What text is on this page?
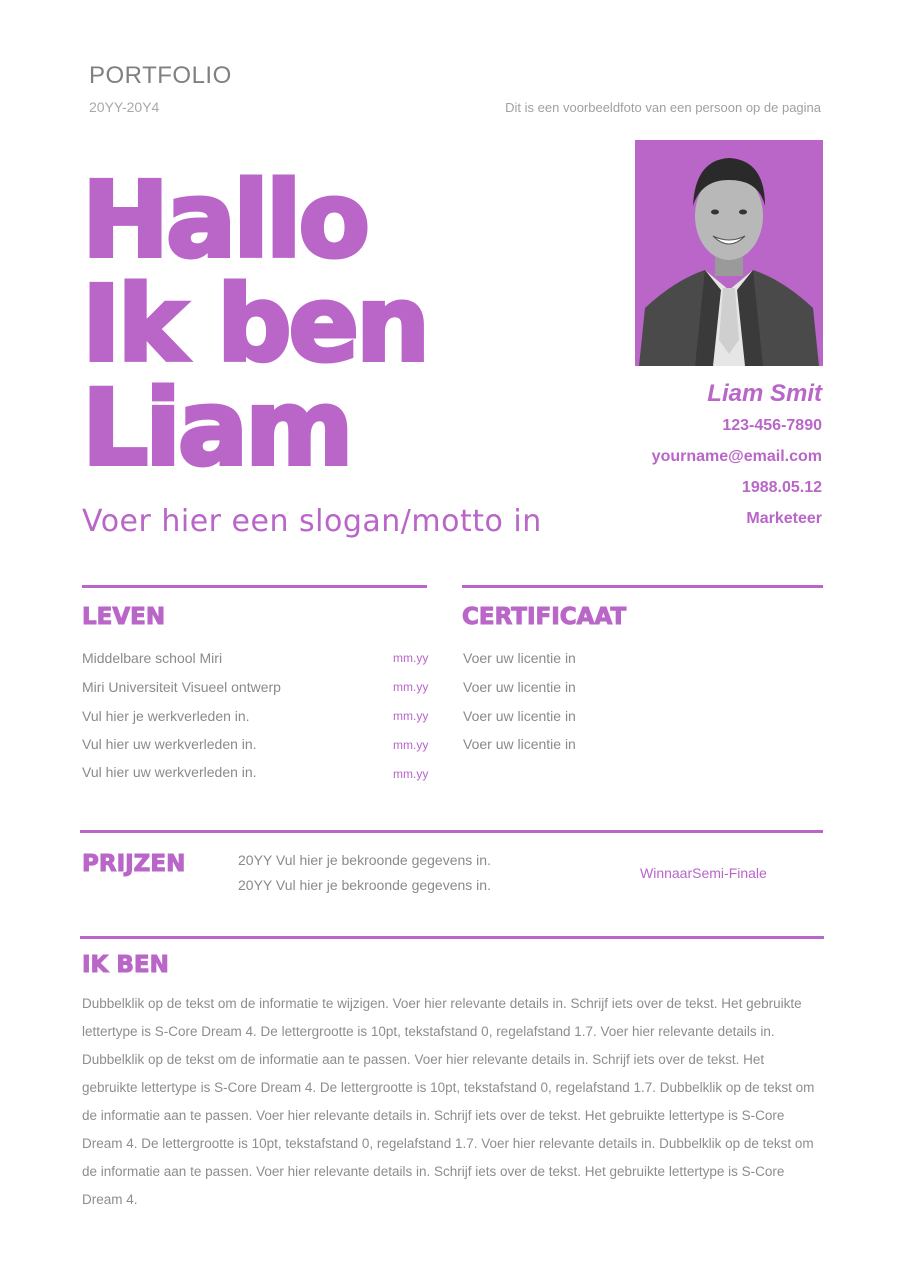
PORTFOLIO
20YY-20Y4	Dit is een voorbeeldfoto van een persoon op de pagina
Hallo
Ik ben
Liam
Voer hier een slogan/motto in
Liam Smit
123-456-7890
yourname@email.com
1988.05.12
Marketeer
LEVEN
Middelbare school Miri	mm.yy
Miri Universiteit Visueel ontwerp	mm.yy
Vul hier je werkverleden in.	mm.yy
Vul hier uw werkverleden in.	mm.yy
Vul hier uw werkverleden in.	mm.yy
CERTIFICAAT
Voer uw licentie in
Voer uw licentie in
Voer uw licentie in
Voer uw licentie in
PRIJZEN	20YY Vul hier je bekroonde gegevens in.
20YY Vul hier je bekroonde gegevens in.
WinnaarSemi-Finale
IK BEN
Dubbelklik op de tekst om de informatie te wijzigen. Voer hier relevante details in. Schrijf iets over de tekst. Het gebruikte lettertype is S-Core Dream 4. De lettergrootte is 10pt, tekstafstand 0, regelafstand 1.7. Voer hier relevante details in. Dubbelklik op de tekst om de informatie aan te passen. Voer hier relevante details in. Schrijf iets over de tekst. Het gebruikte lettertype is S-Core Dream 4. De lettergrootte is 10pt, tekstafstand 0, regelafstand 1.7. Dubbelklik op de tekst om de informatie aan te passen. Voer hier relevante details in. Schrijf iets over de tekst. Het gebruikte lettertype is S-Core Dream 4. De lettergrootte is 10pt, tekstafstand 0, regelafstand 1.7. Voer hier relevante details in. Dubbelklik op de tekst om de informatie aan te passen. Voer hier relevante details in. Schrijf iets over de tekst. Het gebruikte lettertype is S-Core Dream 4.
